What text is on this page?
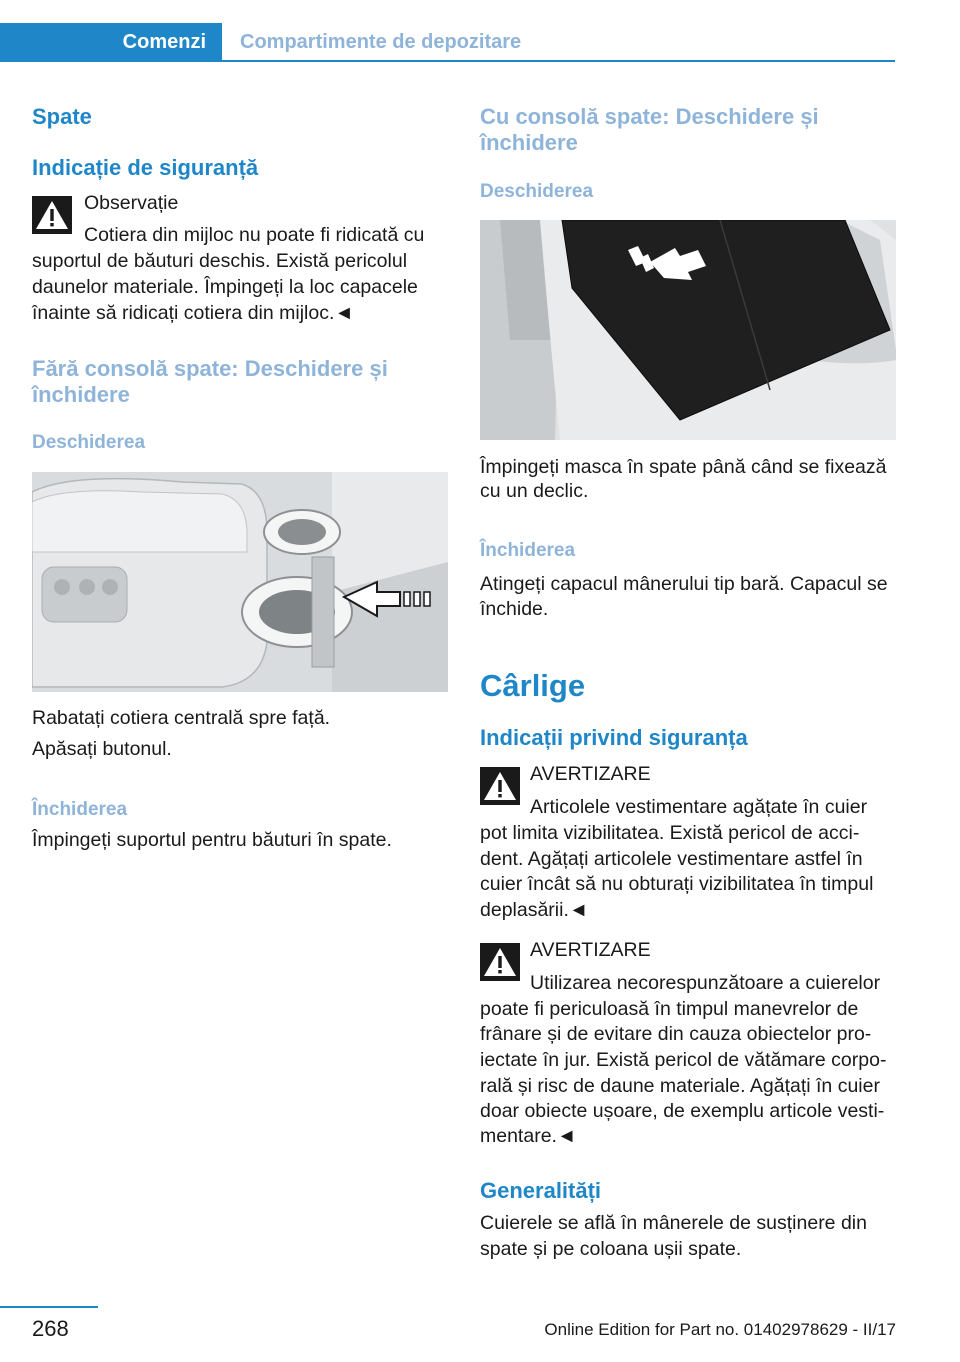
Comenzi	Compartimente de depozitare
Spate
Indicație de siguranță
Observație
Cotiera din mijloc nu poate fi ridicată cu
suportul de băuturi deschis. Există pericolul
daunelor materiale. Împingeți la loc capacele
înainte să ridicați cotiera din mijloc.◄
Fără consolă spate: Deschidere și
închidere
Deschiderea
Rabatați cotiera centrală spre față.
Apăsați butonul.
Închiderea
Împingeți suportul pentru băuturi în spate.
Cu consolă spate: Deschidere și
închidere
Deschiderea
Împingeți masca în spate până când se fixează
cu un declic.
Închiderea
Atingeți capacul mânerului tip bară. Capacul se
închide.
Cârlige
Indicații privind siguranța
AVERTIZARE
Articolele vestimentare agățate în cuier
pot limita vizibilitatea. Există pericol de acci‐
dent. Agățați articolele vestimentare astfel în
cuier încât să nu obturați vizibilitatea în timpul
deplasării.◄
AVERTIZARE
Utilizarea necorespunzătoare a cuierelor
poate fi periculoasă în timpul manevrelor de
frânare și de evitare din cauza obiectelor pro‐
iectate în jur. Există pericol de vătămare corpo‐
rală și risc de daune materiale. Agățați în cuier
doar obiecte ușoare, de exemplu articole vesti‐
mentare.◄
Generalități
Cuierele se află în mânerele de susținere din
spate și pe coloana ușii spate.
268	Online Edition for Part no. 01402978629 - II/17
